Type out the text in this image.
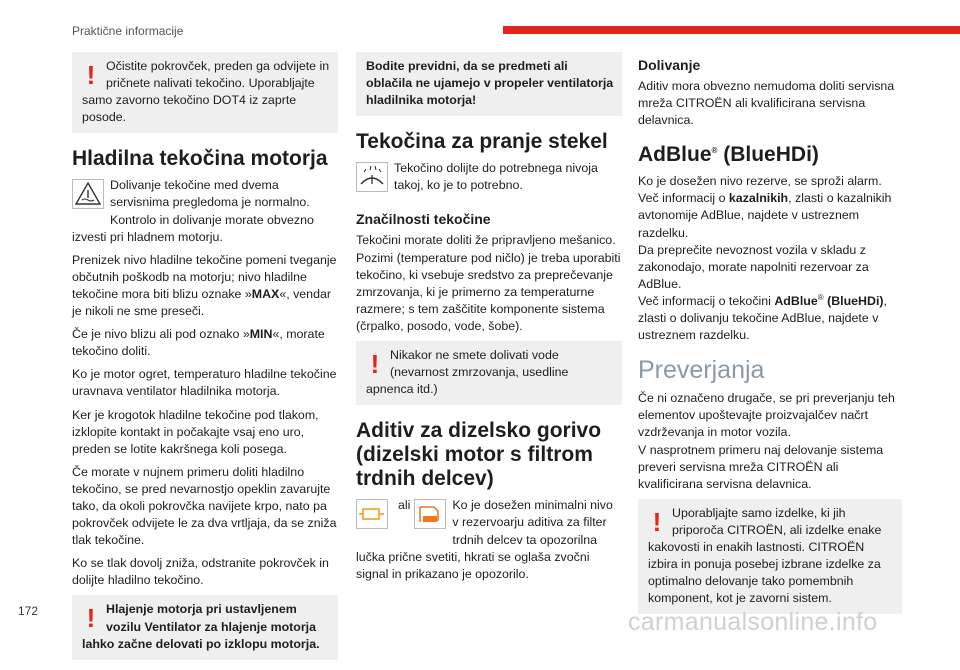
Praktične informacije
! Očistite pokrovček, preden ga odvijete in pričnete nalivati tekočino. Uporabljajte samo zavorno tekočino DOT4 iz zaprte posode.

Hladilna tekočina motorja

Dolivanje tekočine med dvema servisnima pregledoma je normalno.

Kontrolo in dolivanje morate obvezno izvesti pri hladnem motorju.

Prenizek nivo hladilne tekočine pomeni tveganje občutnih poškodb na motorju; nivo hladilne tekočine mora biti blizu oznake »MAX«, vendar je nikoli ne sme preseči.

Če je nivo blizu ali pod oznako »MIN«, morate tekočino doliti.

Ko je motor ogret, temperaturo hladilne tekočine uravnava ventilator hladilnika motorja.

Ker je krogotok hladilne tekočine pod tlakom, izklopite kontakt in počakajte vsaj eno uro, preden se lotite kakršnega koli posega.

Če morate v nujnem primeru doliti hladilno tekočino, se pred nevarnostjo opeklin zavarujte tako, da okoli pokrovčka navijete krpo, nato pa pokrovček odvijete le za dva vrtljaja, da se zniža tlak tekočine.

Ko se tlak dovolj zniža, odstranite pokrovček in dolijte hladilno tekočino.

! Hlajenje motorja pri ustavljenem vozilu Ventilator za hlajenje motorja lahko začne delovati po izklopu motorja.

Bodite previdni, da se predmeti ali oblačila ne ujamejo v propeler ventilatorja hladilnika motorja!

Tekočina za pranje stekel

Tekočino dolijte do potrebnega nivoja takoj, ko je to potrebno.

Značilnosti tekočine

Tekočini morate doliti že pripravljeno mešanico. Pozimi (temperature pod ničlo) je treba uporabiti tekočino, ki vsebuje sredstvo za preprečevanje zmrzovanja, ki je primerno za temperaturne razmere; s tem zaščitite komponente sistema (črpalko, posodo, vode, šobe).

! Nikakor ne smete dolivati vode (nevarnost zmrzovanja, usedline apnenca itd.)

Aditiv za dizelsko gorivo (dizelski motor s filtrom trdnih delcev)
ali	Ko je dosežen minimalni nivo v rezervoarju aditiva za filter trdnih delcev ta opozorilna lučka prične svetiti, hkrati se oglaša zvočni signal in prikazano je opozorilo.

Dolivanje

Aditiv mora obvezno nemudoma doliti servisna mreža CITROËN ali kvalificirana servisna delavnica.

AdBlue® (BlueHDi)

Ko je dosežen nivo rezerve, se sproži alarm.

Več informacij o kazalnikih, zlasti o kazalnikih avtonomije AdBlue, najdete v ustreznem razdelku.

Da preprečite nevoznost vozila v skladu z zakonodajo, morate napolniti rezervoar za AdBlue.

Več informacij o tekočini AdBlue® (BlueHDi), zlasti o dolivanju tekočine AdBlue, najdete v ustreznem razdelku.

Preverjanja

Če ni označeno drugače, se pri preverjanju teh elementov upoštevajte proizvajalčev načrt vzdrževanja in motor vozila.

V nasprotnem primeru naj delovanje sistema preveri servisna mreža CITROËN ali kvalificirana servisna delavnica.

! Uporabljajte samo izdelke, ki jih priporoča CITROËN, ali izdelke enake kakovosti in enakih lastnosti. CITROËN izbira in ponuja posebej izbrane izdelke za optimalno delovanje tako pomembnih komponent, kot je zavorni sistem.

172	carmanualsonline.info
